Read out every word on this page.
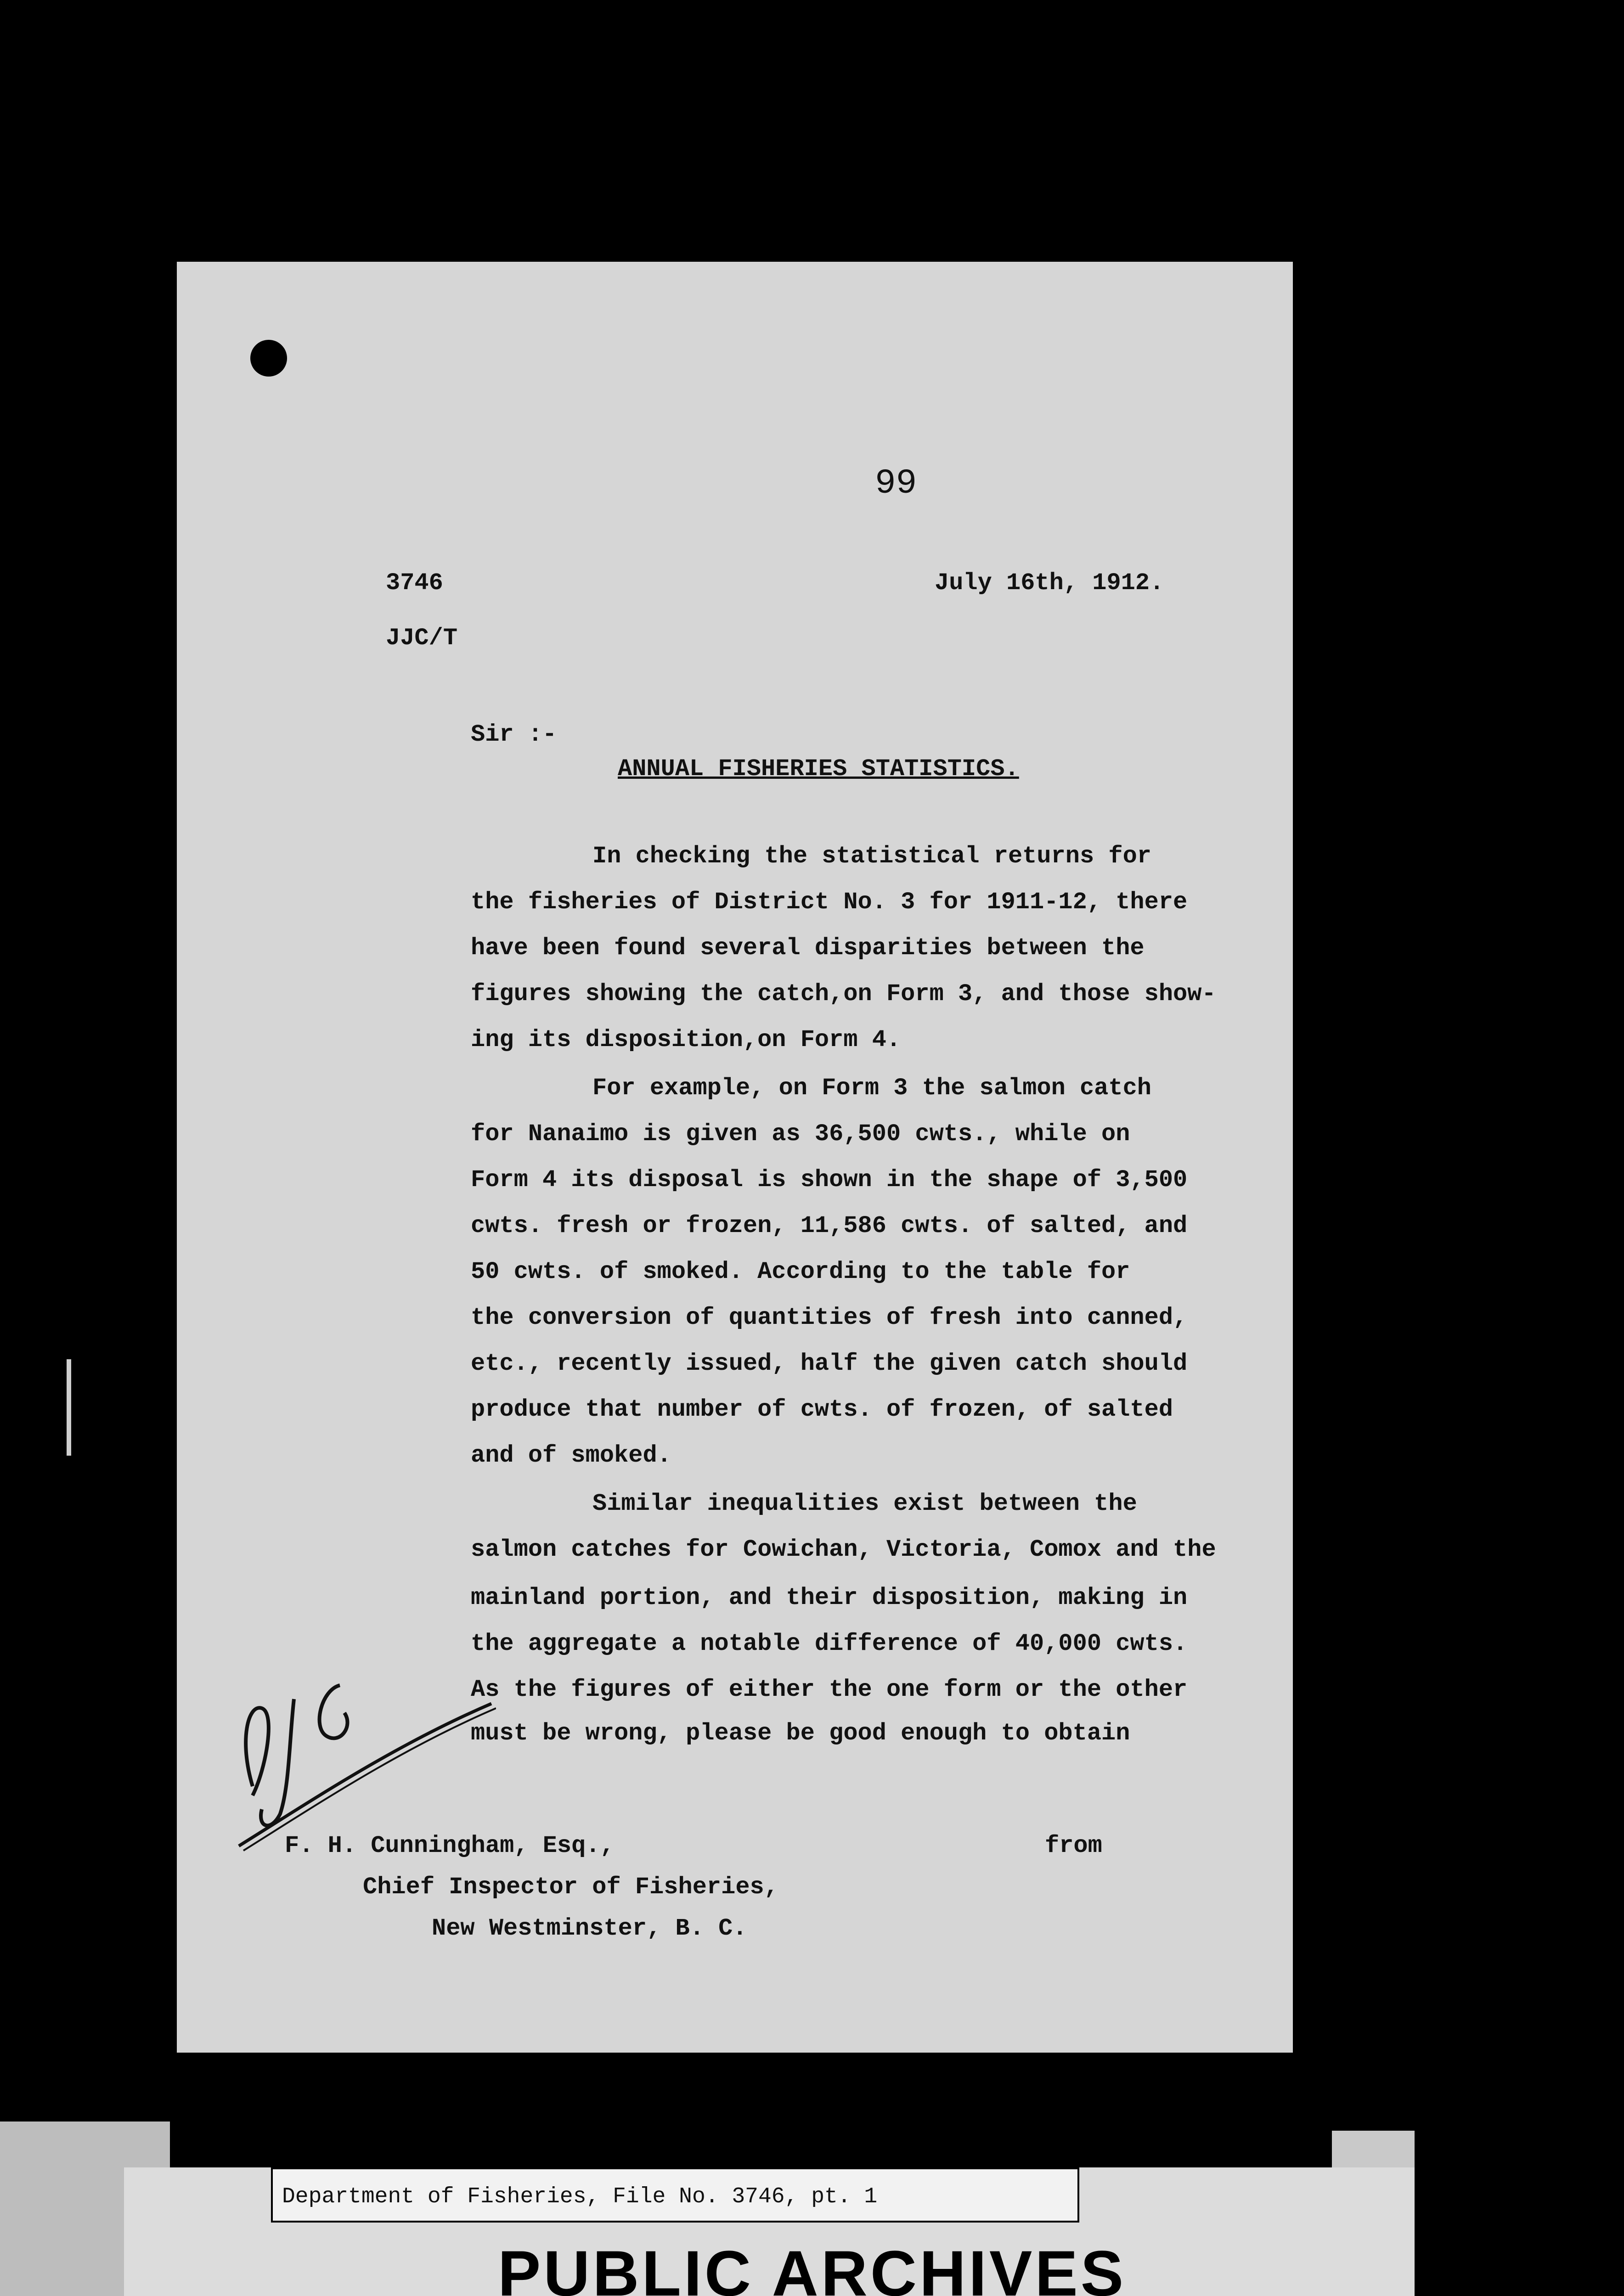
99
3746
JJC/T
July 16th, 1912.
Sir :-
ANNUAL FISHERIES STATISTICS.
In checking the statistical returns for
the fisheries of District No. 3 for 1911-12, there
have been found several disparities between the
figures showing the catch,on Form 3, and those show-
ing its disposition,on Form 4.
For example, on Form 3 the salmon catch
for Nanaimo is given as 36,500 cwts., while on
Form 4 its disposal is shown in the shape of 3,500
cwts. fresh or frozen, 11,586 cwts. of salted, and
50 cwts. of smoked. According to the table for
the conversion of quantities of fresh into canned,
etc., recently issued, half the given catch should
produce that number of cwts. of frozen, of salted
and of smoked.
Similar inequalities exist between the
salmon catches for Cowichan, Victoria, Comox and the
mainland portion, and their disposition, making in
the aggregate a notable difference of 40,000 cwts.
As the figures of either the one form or the other
must be wrong, please be good enough to obtain
F. H. Cunningham, Esq.,
Chief Inspector of Fisheries,
New Westminster, B. C.
from
Department of Fisheries, File No. 3746, pt. 1
PUBLIC ARCHIVES
